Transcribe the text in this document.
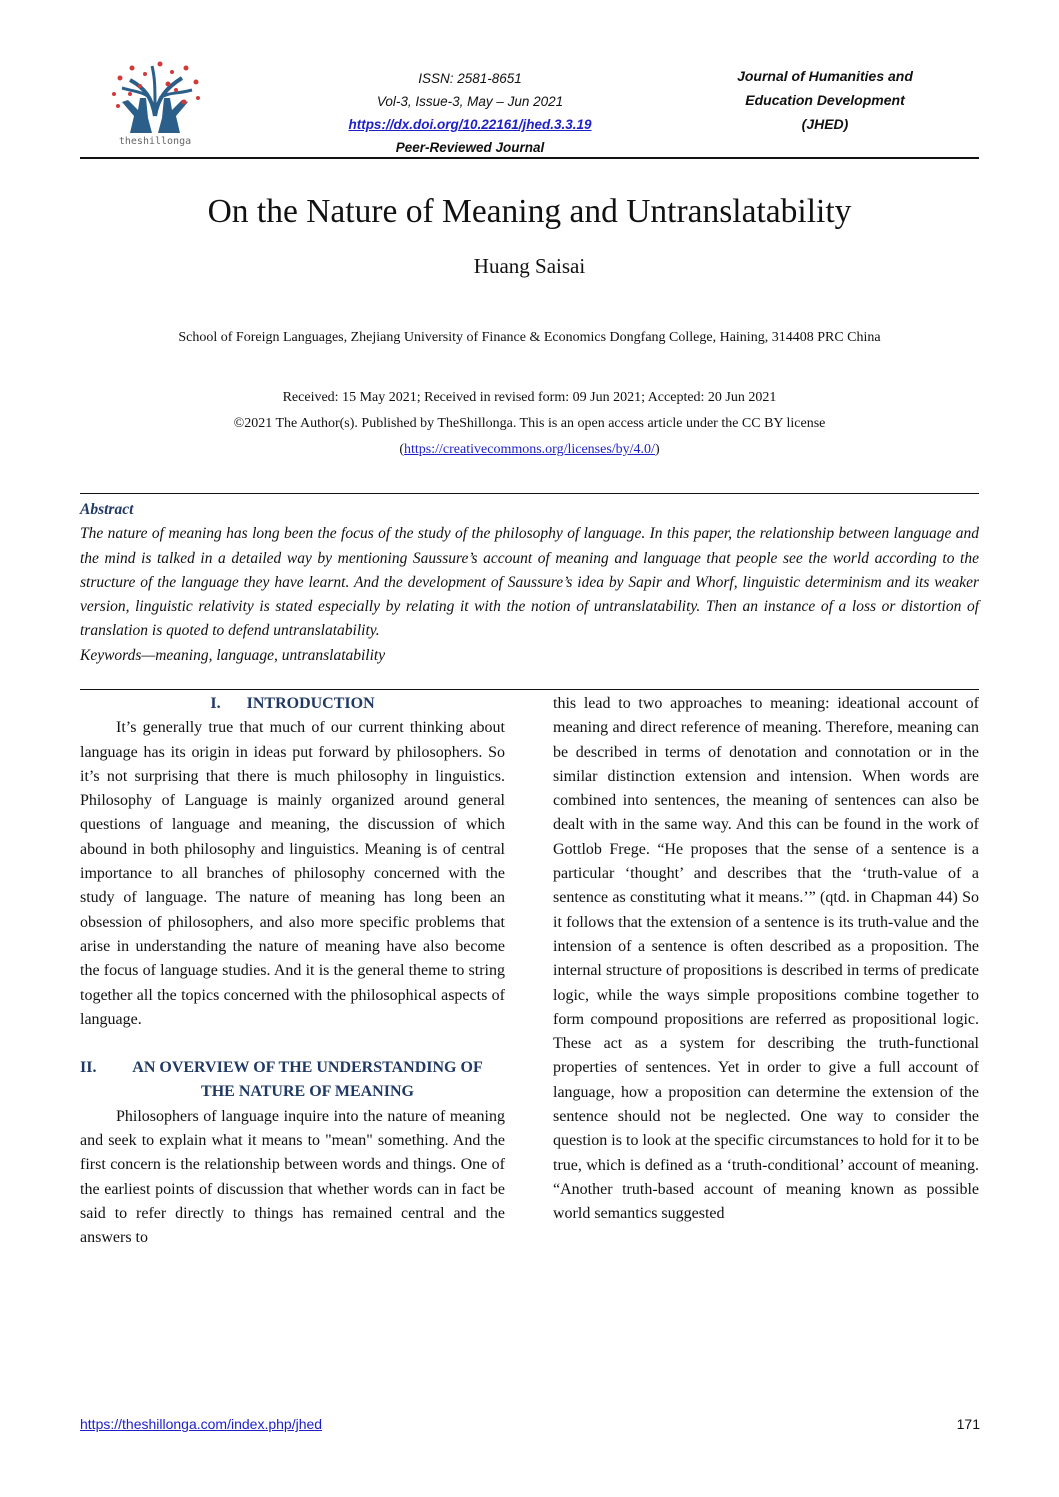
theshillonga
ISSN: 2581-8651
Vol-3, Issue-3, May – Jun 2021
https://dx.doi.org/10.22161/jhed.3.3.19
Peer-Reviewed Journal
Journal of Humanities and
Education Development
(JHED)
On the Nature of Meaning and Untranslatability
Huang Saisai
School of Foreign Languages, Zhejiang University of Finance & Economics Dongfang College, Haining, 314408 PRC China
Received: 15 May 2021; Received in revised form: 09 Jun 2021; Accepted: 20 Jun 2021
©2021 The Author(s). Published by TheShillonga. This is an open access article under the CC BY license
(https://creativecommons.org/licenses/by/4.0/)
Abstract
The nature of meaning has long been the focus of the study of the philosophy of language. In this paper, the relationship between language and the mind is talked in a detailed way by mentioning Saussure’s account of meaning and language that people see the world according to the structure of the language they have learnt. And the development of Saussure’s idea by Sapir and Whorf, linguistic determinism and its weaker version, linguistic relativity is stated especially by relating it with the notion of untranslatability. Then an instance of a loss or distortion of translation is quoted to defend untranslatability.
Keywords—meaning, language, untranslatability
I. INTRODUCTION
It’s generally true that much of our current thinking about language has its origin in ideas put forward by philosophers. So it’s not surprising that there is much philosophy in linguistics. Philosophy of Language is mainly organized around general questions of language and meaning, the discussion of which abound in both philosophy and linguistics. Meaning is of central importance to all branches of philosophy concerned with the study of language. The nature of meaning has long been an obsession of philosophers, and also more specific problems that arise in understanding the nature of meaning have also become the focus of language studies. And it is the general theme to string together all the topics concerned with the philosophical aspects of language.
II.	AN OVERVIEW OF THE UNDERSTANDING OF
THE NATURE OF MEANING
Philosophers of language inquire into the nature of meaning and seek to explain what it means to "mean" something. And the first concern is the relationship between words and things. One of the earliest points of discussion that whether words can in fact be said to refer directly to things has remained central and the answers to
this lead to two approaches to meaning: ideational account of meaning and direct reference of meaning. Therefore, meaning can be described in terms of denotation and connotation or in the similar distinction extension and intension. When words are combined into sentences, the meaning of sentences can also be dealt with in the same way. And this can be found in the work of Gottlob Frege. “He proposes that the sense of a sentence is a particular ‘thought’ and describes that the ‘truth-value of a sentence as constituting what it means.’” (qtd. in Chapman 44) So it follows that the extension of a sentence is its truth-value and the intension of a sentence is often described as a proposition. The internal structure of propositions is described in terms of predicate logic, while the ways simple propositions combine together to form compound propositions are referred as propositional logic. These act as a system for describing the truth-functional properties of sentences. Yet in order to give a full account of language, how a proposition can determine the extension of the sentence should not be neglected. One way to consider the question is to look at the specific circumstances to hold for it to be true, which is defined as a ‘truth-conditional’ account of meaning. “Another truth-based account of meaning known as possible world semantics suggested
https://theshillonga.com/index.php/jhed	171
